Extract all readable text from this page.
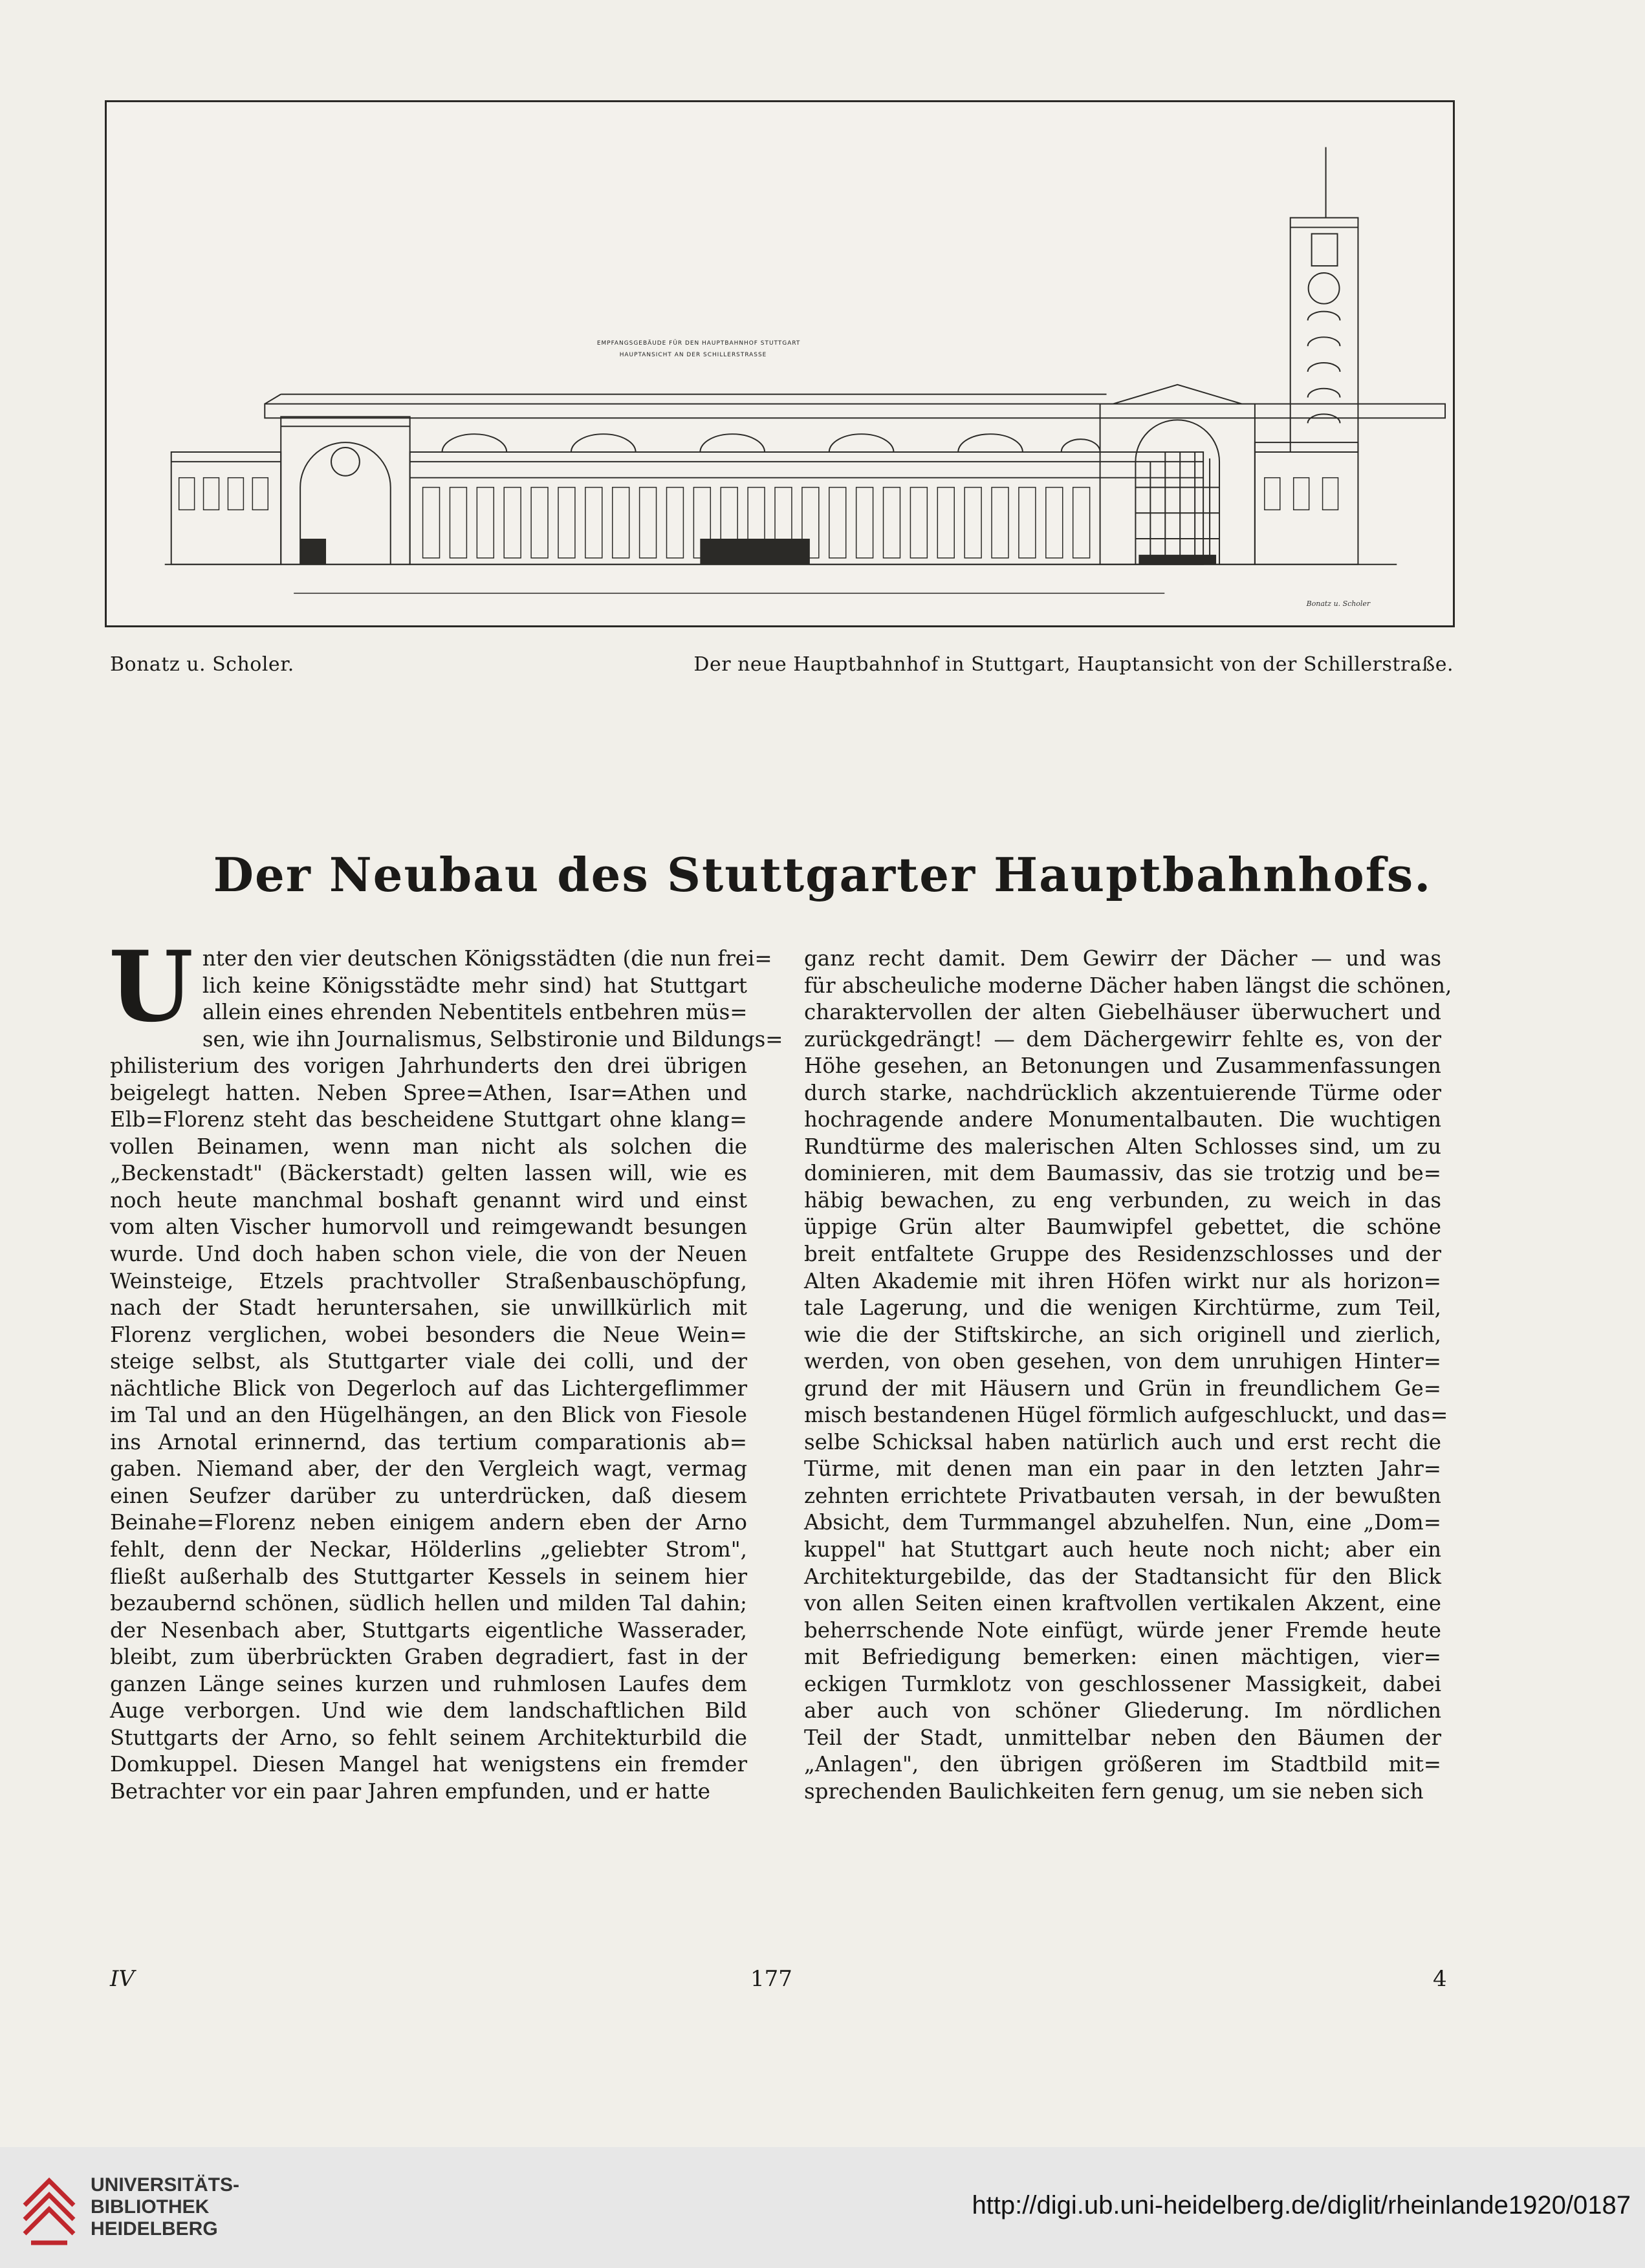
EMPFANGSGEBÄUDE FÜR DEN HAUPTBAHNHOF STUTTGART
HAUPTANSICHT AN DER SCHILLERSTRASSE
Bonatz u. Scholer
Bonatz u. Scholer.	Der neue Hauptbahnhof in Stuttgart, Hauptansicht von der Schillerstraße.
Der Neubau des Stuttgarter Hauptbahnhofs.
U nter den vier deutschen Königsstädten (die nun frei=
lich keine Königsstädte mehr sind) hat Stuttgart
allein eines ehrenden Nebentitels entbehren müs=
sen, wie ihn Journalismus, Selbstironie und Bildungs=
philisterium des vorigen Jahrhunderts den drei übrigen
beigelegt hatten. Neben Spree=Athen, Isar=Athen und
Elb=Florenz steht das bescheidene Stuttgart ohne klang=
vollen Beinamen, wenn man nicht als solchen die
„Beckenstadt" (Bäckerstadt) gelten lassen will, wie es
noch heute manchmal boshaft genannt wird und einst
vom alten Vischer humorvoll und reimgewandt besungen
wurde. Und doch haben schon viele, die von der Neuen
Weinsteige, Etzels prachtvoller Straßenbauschöpfung,
nach der Stadt heruntersahen, sie unwillkürlich mit
Florenz verglichen, wobei besonders die Neue Wein=
steige selbst, als Stuttgarter viale dei colli, und der
nächtliche Blick von Degerloch auf das Lichtergeflimmer
im Tal und an den Hügelhängen, an den Blick von Fiesole
ins Arnotal erinnernd, das tertium comparationis ab=
gaben. Niemand aber, der den Vergleich wagt, vermag
einen Seufzer darüber zu unterdrücken, daß diesem
Beinahe=Florenz neben einigem andern eben der Arno
fehlt, denn der Neckar, Hölderlins „geliebter Strom",
fließt außerhalb des Stuttgarter Kessels in seinem hier
bezaubernd schönen, südlich hellen und milden Tal dahin;
der Nesenbach aber, Stuttgarts eigentliche Wasserader,
bleibt, zum überbrückten Graben degradiert, fast in der
ganzen Länge seines kurzen und ruhmlosen Laufes dem
Auge verborgen. Und wie dem landschaftlichen Bild
Stuttgarts der Arno, so fehlt seinem Architekturbild die
Domkuppel. Diesen Mangel hat wenigstens ein fremder
Betrachter vor ein paar Jahren empfunden, und er hatte
ganz recht damit. Dem Gewirr der Dächer — und was
für abscheuliche moderne Dächer haben längst die schönen,
charaktervollen der alten Giebelhäuser überwuchert und
zurückgedrängt! — dem Dächergewirr fehlte es, von der
Höhe gesehen, an Betonungen und Zusammenfassungen
durch starke, nachdrücklich akzentuierende Türme oder
hochragende andere Monumentalbauten. Die wuchtigen
Rundtürme des malerischen Alten Schlosses sind, um zu
dominieren, mit dem Baumassiv, das sie trotzig und be=
häbig bewachen, zu eng verbunden, zu weich in das
üppige Grün alter Baumwipfel gebettet, die schöne
breit entfaltete Gruppe des Residenzschlosses und der
Alten Akademie mit ihren Höfen wirkt nur als horizon=
tale Lagerung, und die wenigen Kirchtürme, zum Teil,
wie die der Stiftskirche, an sich originell und zierlich,
werden, von oben gesehen, von dem unruhigen Hinter=
grund der mit Häusern und Grün in freundlichem Ge=
misch bestandenen Hügel förmlich aufgeschluckt, und das=
selbe Schicksal haben natürlich auch und erst recht die
Türme, mit denen man ein paar in den letzten Jahr=
zehnten errichtete Privatbauten versah, in der bewußten
Absicht, dem Turmmangel abzuhelfen. Nun, eine „Dom=
kuppel" hat Stuttgart auch heute noch nicht; aber ein
Architekturgebilde, das der Stadtansicht für den Blick
von allen Seiten einen kraftvollen vertikalen Akzent, eine
beherrschende Note einfügt, würde jener Fremde heute
mit Befriedigung bemerken: einen mächtigen, vier=
eckigen Turmklotz von geschlossener Massigkeit, dabei
aber auch von schöner Gliederung. Im nördlichen
Teil der Stadt, unmittelbar neben den Bäumen der
„Anlagen", den übrigen größeren im Stadtbild mit=
sprechenden Baulichkeiten fern genug, um sie neben sich
IV	177	4
UNIVERSITÄTS-
BIBLIOTHEK
HEIDELBERG
http://digi.ub.uni-heidelberg.de/diglit/rheinlande1920/0187
